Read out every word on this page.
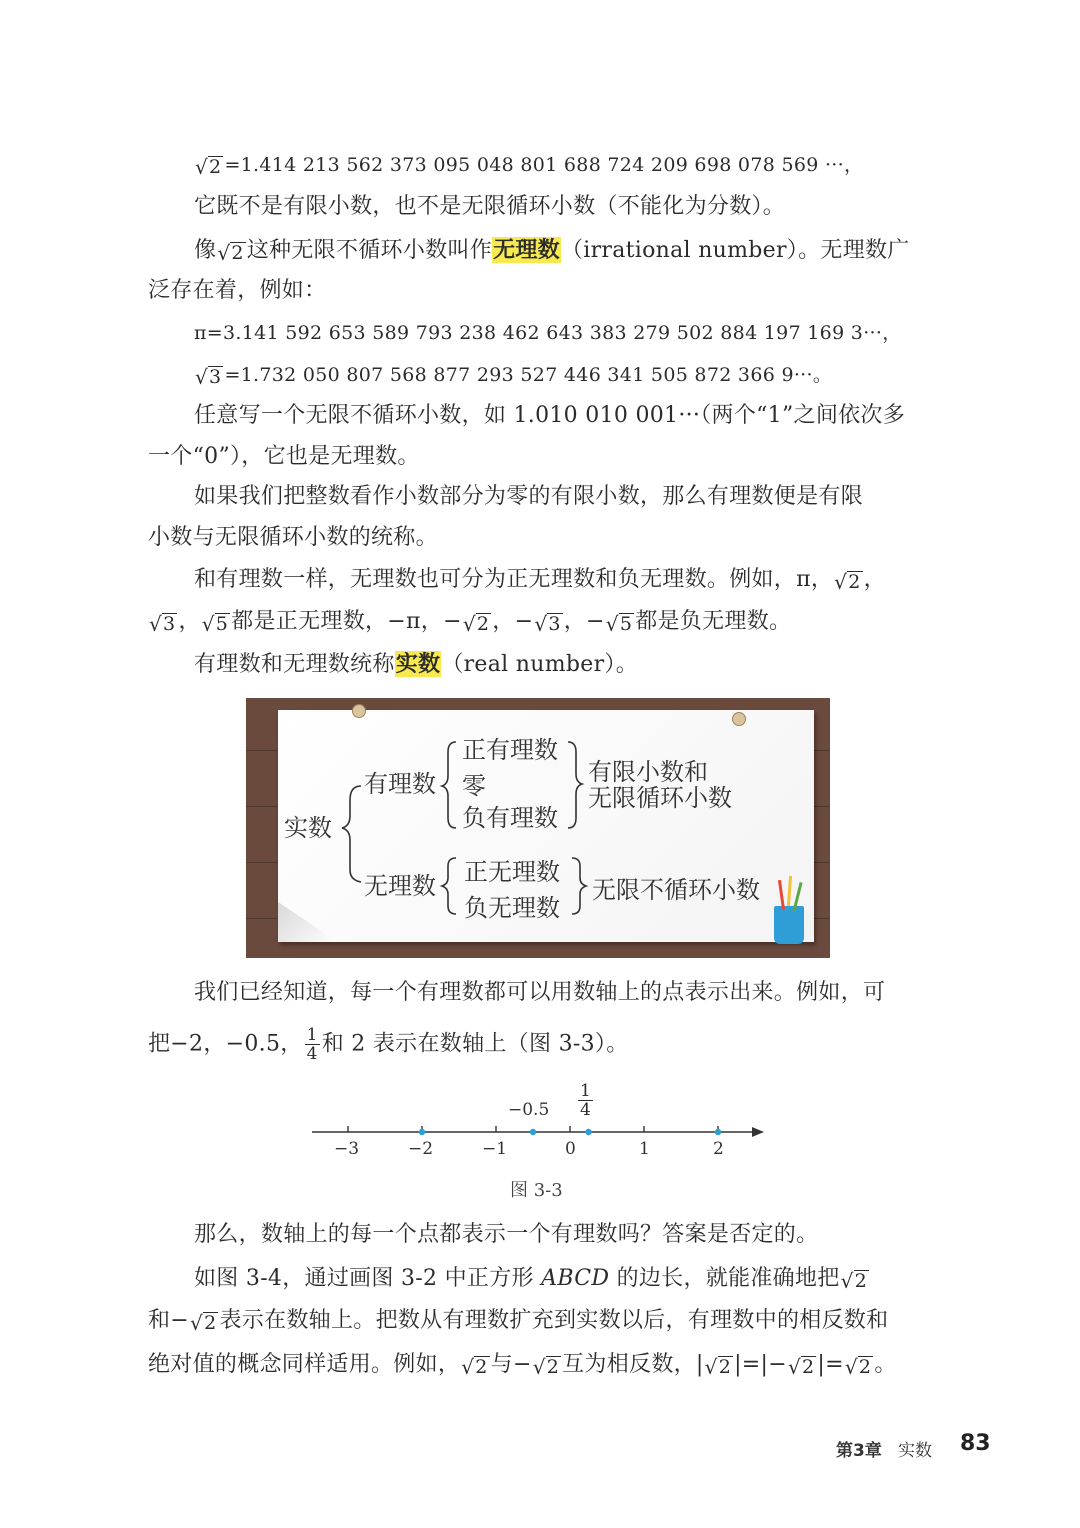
√ 2 =1.414 213 562 373 095 048 801 688 724 209 698 078 569 ···，
它既不是有限小数，也不是无限循环小数（不能化为分数）。
像 √ 2 这种无限不循环小数叫作无理数（irrational number）。无理数广
泛存在着，例如：
π=3.141 592 653 589 793 238 462 643 383 279 502 884 197 169 3···，
√ 3 =1.732 050 807 568 877 293 527 446 341 505 872 366 9···。
任意写一个无限不循环小数，如 1.010 010 001···（两个“1”之间依次多
一个“0”），它也是无理数。
如果我们把整数看作小数部分为零的有限小数，那么有理数便是有限
小数与无限循环小数的统称。
和有理数一样，无理数也可分为正无理数和负无理数。例如，π， √ 2 ，
√ 3 ， √ 5 都是正无理数，−π，− √ 2 ，− √ 3 ，− √ 5 都是负无理数。
有理数和无理数统称实数（real number）。
实数
有理数
正有理数
零
负有理数
有限小数和
无限循环小数
无理数 正无理数
负无理数
无限不循环小数
我们已经知道，每一个有理数都可以用数轴上的点表示出来。例如，可
把−2，−0.5， $\frac{1}{4}$ 和 2 表示在数轴上（图 3-3）。
−3	−2	−1	0	1	2
$-0.5 \frac{1}{4}$
图 3-3
那么，数轴上的每一个点都表示一个有理数吗？答案是否定的。
如图 3-4，通过画图 3-2 中正方形 ABCD 的边长，就能准确地把 √ 2
和− √ 2 表示在数轴上。把数从有理数扩充到实数以后，有理数中的相反数和
绝对值的概念同样适用。例如， √ 2 与− √ 2 互为相反数，| √ 2 |=|− √ 2 |= √ 2 。
第3章 实数 83
